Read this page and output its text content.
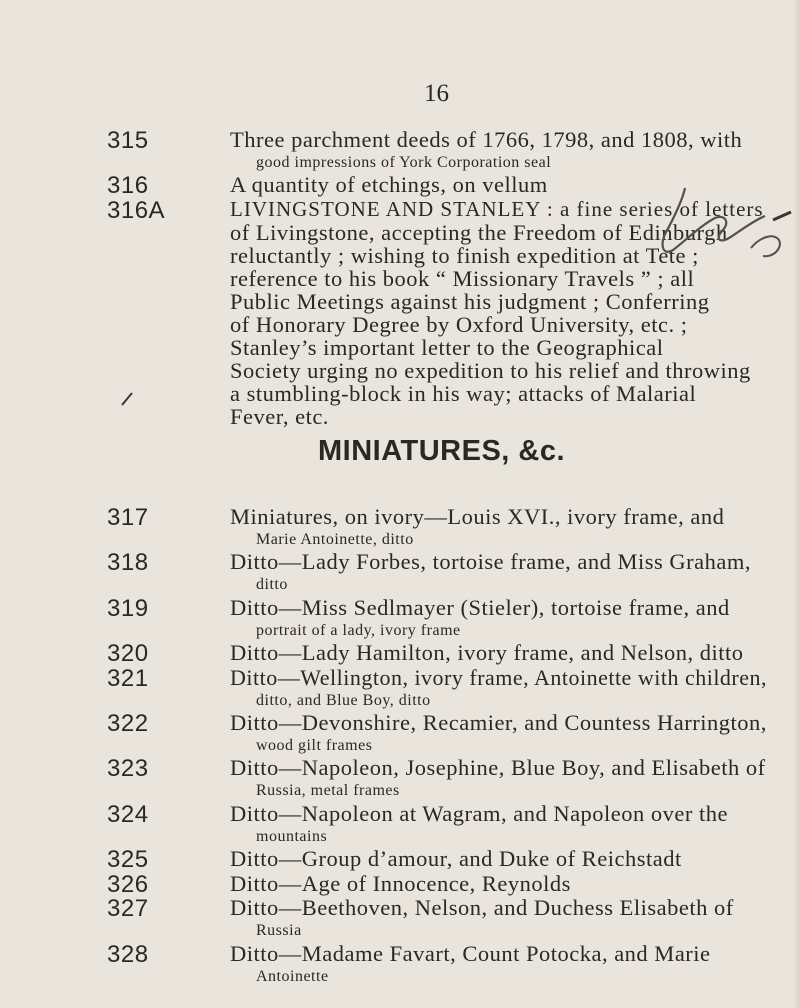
16
315	Three parchment deeds of 1766, 1798, and 1808, with
good impressions of York Corporation seal
316	A quantity of etchings, on vellum
316A	LIVINGSTONE AND STANLEY : a fine series of letters
of Livingstone, accepting the Freedom of Edinburgh
reluctantly ; wishing to finish expedition at Tete ;
reference to his book “ Missionary Travels ” ; all
Public Meetings against his judgment ; Conferring
of Honorary Degree by Oxford University, etc. ;
Stanley’s important letter to the Geographical
Society urging no expedition to his relief and throwing
a stumbling-block in his way; attacks of Malarial
Fever, etc.
MINIATURES, &c.
317	Miniatures, on ivory—Louis XVI., ivory frame, and
Marie Antoinette, ditto
318	Ditto—Lady Forbes, tortoise frame, and Miss Graham,
ditto
319	Ditto—Miss Sedlmayer (Stieler), tortoise frame, and
portrait of a lady, ivory frame
320	Ditto—Lady Hamilton, ivory frame, and Nelson, ditto
321	Ditto—Wellington, ivory frame, Antoinette with children,
ditto, and Blue Boy, ditto
322	Ditto—Devonshire, Recamier, and Countess Harrington,
wood gilt frames
323	Ditto—Napoleon, Josephine, Blue Boy, and Elisabeth of
Russia, metal frames
324	Ditto—Napoleon at Wagram, and Napoleon over the
mountains
325	Ditto—Group d’amour, and Duke of Reichstadt
326	Ditto—Age of Innocence, Reynolds
327	Ditto—Beethoven, Nelson, and Duchess Elisabeth of
Russia
328	Ditto—Madame Favart, Count Potocka, and Marie
Antoinette
